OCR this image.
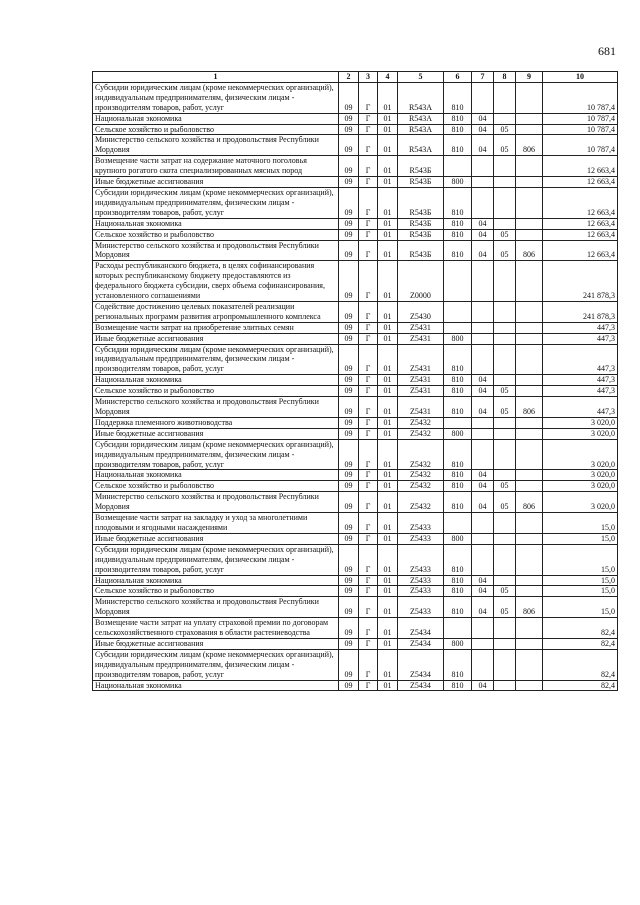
681
1	2	3	4	5	6	7	8	9	10
Субсидии юридическим лицам (кроме некоммерческих организаций), индивидуальным предпринимателям, физическим лицам - производителям товаров, работ, услуг	09	Г	01	R543A	810				10 787,4
Национальная экономика	09	Г	01	R543A	810	04			10 787,4
Сельское хозяйство и рыболовство	09	Г	01	R543A	810	04	05		10 787,4
Министерство сельского хозяйства и продовольствия Республики Мордовия	09	Г	01	R543A	810	04	05	806	10 787,4
Возмещение части затрат на содержание маточного поголовья крупного рогатого скота специализированных мясных пород	09	Г	01	R543Б					12 663,4
Иные бюджетные ассигнования	09	Г	01	R543Б	800				12 663,4
Субсидии юридическим лицам (кроме некоммерческих организаций), индивидуальным предпринимателям, физическим лицам - производителям товаров, работ, услуг	09	Г	01	R543Б	810				12 663,4
Национальная экономика	09	Г	01	R543Б	810	04			12 663,4
Сельское хозяйство и рыболовство	09	Г	01	R543Б	810	04	05		12 663,4
Министерство сельского хозяйства и продовольствия Республики Мордовия	09	Г	01	R543Б	810	04	05	806	12 663,4
Расходы республиканского бюджета, в целях софинансирования которых республиканскому бюджету предоставляются из федерального бюджета субсидии, сверх объема софинансирования, установленного соглашениями	09	Г	01	Z0000					241 878,3
Содействие достижению целевых показателей реализации региональных программ развития агропромышленного комплекса	09	Г	01	Z5430					241 878,3
Возмещение части затрат на приобретение элитных семян	09	Г	01	Z5431					447,3
Иные бюджетные ассигнования	09	Г	01	Z5431	800				447,3
Субсидии юридическим лицам (кроме некоммерческих организаций), индивидуальным предпринимателям, физическим лицам - производителям товаров, работ, услуг	09	Г	01	Z5431	810				447,3
Национальная экономика	09	Г	01	Z5431	810	04			447,3
Сельское хозяйство и рыболовство	09	Г	01	Z5431	810	04	05		447,3
Министерство сельского хозяйства и продовольствия Республики Мордовия	09	Г	01	Z5431	810	04	05	806	447,3
Поддержка племенного животноводства	09	Г	01	Z5432					3 020,0
Иные бюджетные ассигнования	09	Г	01	Z5432	800				3 020,0
Субсидии юридическим лицам (кроме некоммерческих организаций), индивидуальным предпринимателям, физическим лицам - производителям товаров, работ, услуг	09	Г	01	Z5432	810				3 020,0
Национальная экономика	09	Г	01	Z5432	810	04			3 020,0
Сельское хозяйство и рыболовство	09	Г	01	Z5432	810	04	05		3 020,0
Министерство сельского хозяйства и продовольствия Республики Мордовия	09	Г	01	Z5432	810	04	05	806	3 020,0
Возмещение части затрат на закладку и уход за многолетними плодовыми и ягодными насаждениями	09	Г	01	Z5433					15,0
Иные бюджетные ассигнования	09	Г	01	Z5433	800				15,0
Субсидии юридическим лицам (кроме некоммерческих организаций), индивидуальным предпринимателям, физическим лицам - производителям товаров, работ, услуг	09	Г	01	Z5433	810				15,0
Национальная экономика	09	Г	01	Z5433	810	04			15,0
Сельское хозяйство и рыболовство	09	Г	01	Z5433	810	04	05		15,0
Министерство сельского хозяйства и продовольствия Республики Мордовия	09	Г	01	Z5433	810	04	05	806	15,0
Возмещение части затрат на уплату страховой премии по договорам сельскохозяйственного страхования в области растениеводства	09	Г	01	Z5434					82,4
Иные бюджетные ассигнования	09	Г	01	Z5434	800				82,4
Субсидии юридическим лицам (кроме некоммерческих организаций), индивидуальным предпринимателям, физическим лицам - производителям товаров, работ, услуг	09	Г	01	Z5434	810				82,4
Национальная экономика	09	Г	01	Z5434	810	04			82,4
